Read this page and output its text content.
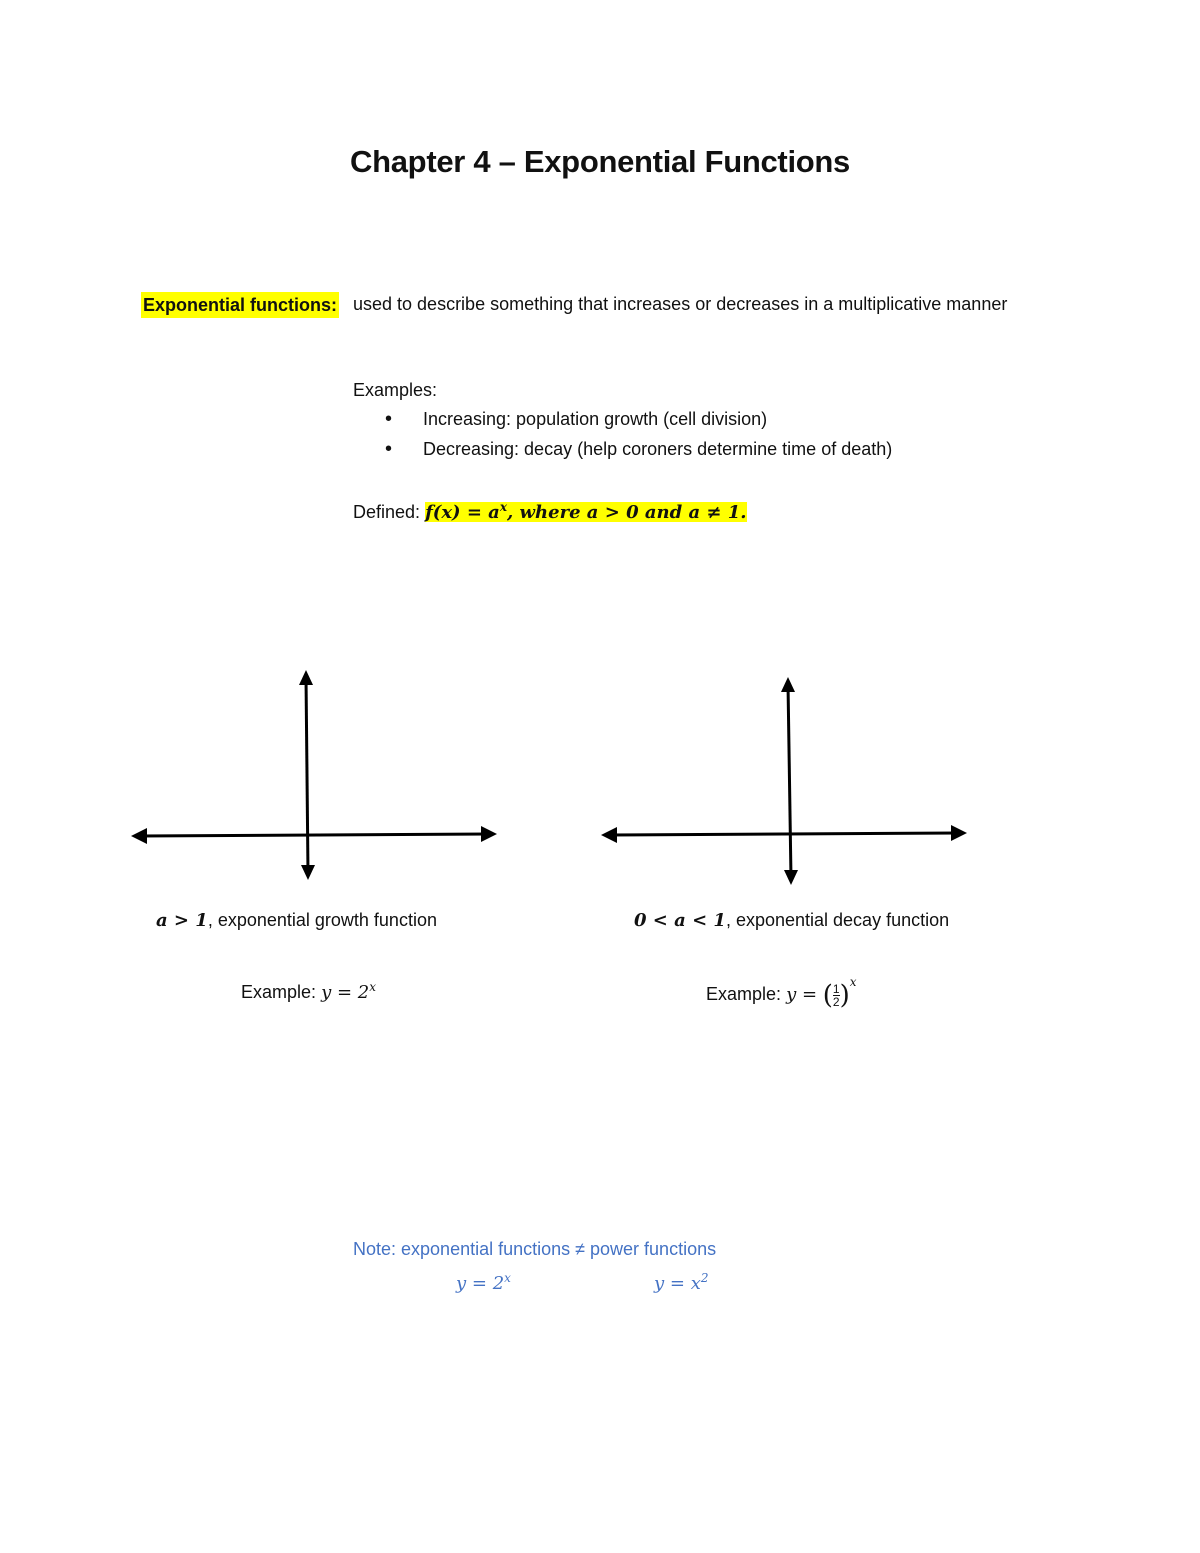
Chapter 4 – Exponential Functions
Exponential functions: used to describe something that increases or decreases in a multiplicative manner
Examples:
• Increasing: population growth (cell division)
• Decreasing: decay (help coroners determine time of death)
Defined: $f(x) = a^x$, where a > 0 and a ≠ 1.
a > 1, exponential growth function
Example: $y = 2^x$
0 < a < 1, exponential decay function
Example: y = ( $\frac{1}{2} )^x$
Note: exponential functions ≠ power functions
$y = 2^x$	$y = x^2$
